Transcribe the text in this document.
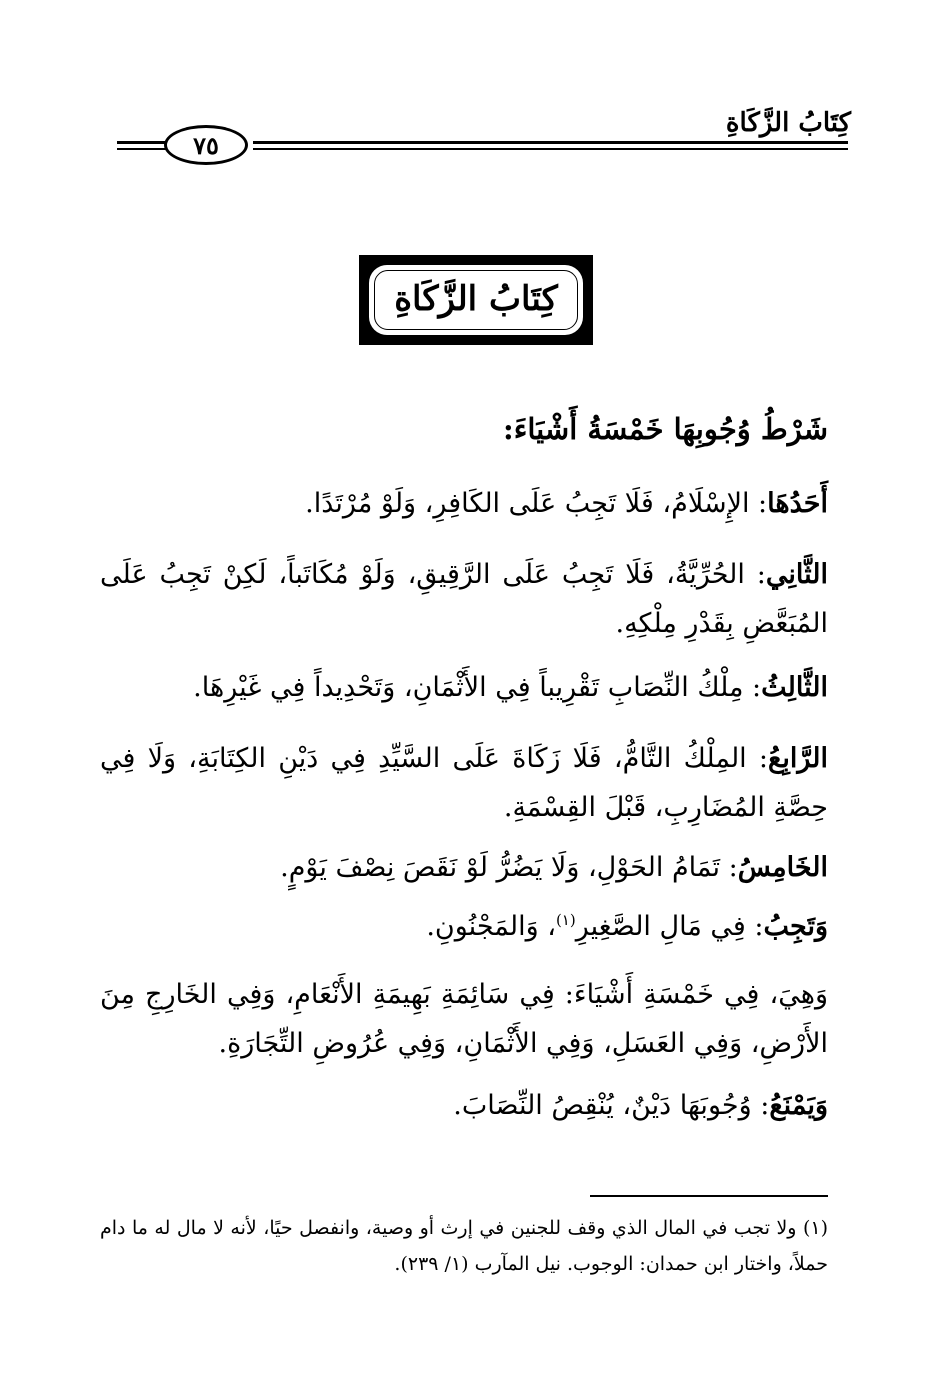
كِتَابُ الزَّكَاةِ
٧٥
كِتَابُ الزَّكَاةِ
شَرْطُ وُجُوبِهَا خَمْسَةُ أَشْيَاءَ:
أَحَدُهَا: الإِسْلَامُ، فَلَا تَجِبُ عَلَى الكَافِرِ، وَلَوْ مُرْتَدًا.
الثَّانِي: الحُرِّيَّةُ، فَلَا تَجِبُ عَلَى الرَّقِيقِ، وَلَوْ مُكَاتَباً، لَكِنْ تَجِبُ عَلَى المُبَعَّضِ بِقَدْرِ مِلْكِهِ.
الثَّالِثُ: مِلْكُ النِّصَابِ تَقْرِيباً فِي الأَثْمَانِ، وَتَحْدِيداً فِي غَيْرِهَا.
الرَّابِعُ: المِلْكُ التَّامُّ، فَلَا زَكَاةَ عَلَى السَّيِّدِ فِي دَيْنِ الكِتَابَةِ، وَلَا فِي حِصَّةِ المُضَارِبِ، قَبْلَ القِسْمَةِ.
الخَامِسُ: تَمَامُ الحَوْلِ، وَلَا يَضُرُّ لَوْ نَقَصَ نِصْفَ يَوْمٍ.
وَتَجِبُ: فِي مَالِ الصَّغِيرِ$^{(١)}$، وَالمَجْنُونِ.
وَهِيَ، فِي خَمْسَةِ أَشْيَاءَ: فِي سَائِمَةِ بَهِيمَةِ الأَنْعَامِ، وَفِي الخَارِجِ مِنَ الأَرْضِ، وَفِي العَسَلِ، وَفِي الأَثْمَانِ، وَفِي عُرُوضِ التِّجَارَةِ.
وَيَمْنَعُ: وُجُوبَهَا دَيْنٌ، يُنْقِصُ النِّصَابَ.
(١) ولا تجب في المال الذي وقف للجنين في إرث أو وصية، وانفصل حيًا، لأنه لا مال له ما دام حملاً، واختار ابن حمدان: الوجوب. نيل المآرب (١/ ٢٣٩).
